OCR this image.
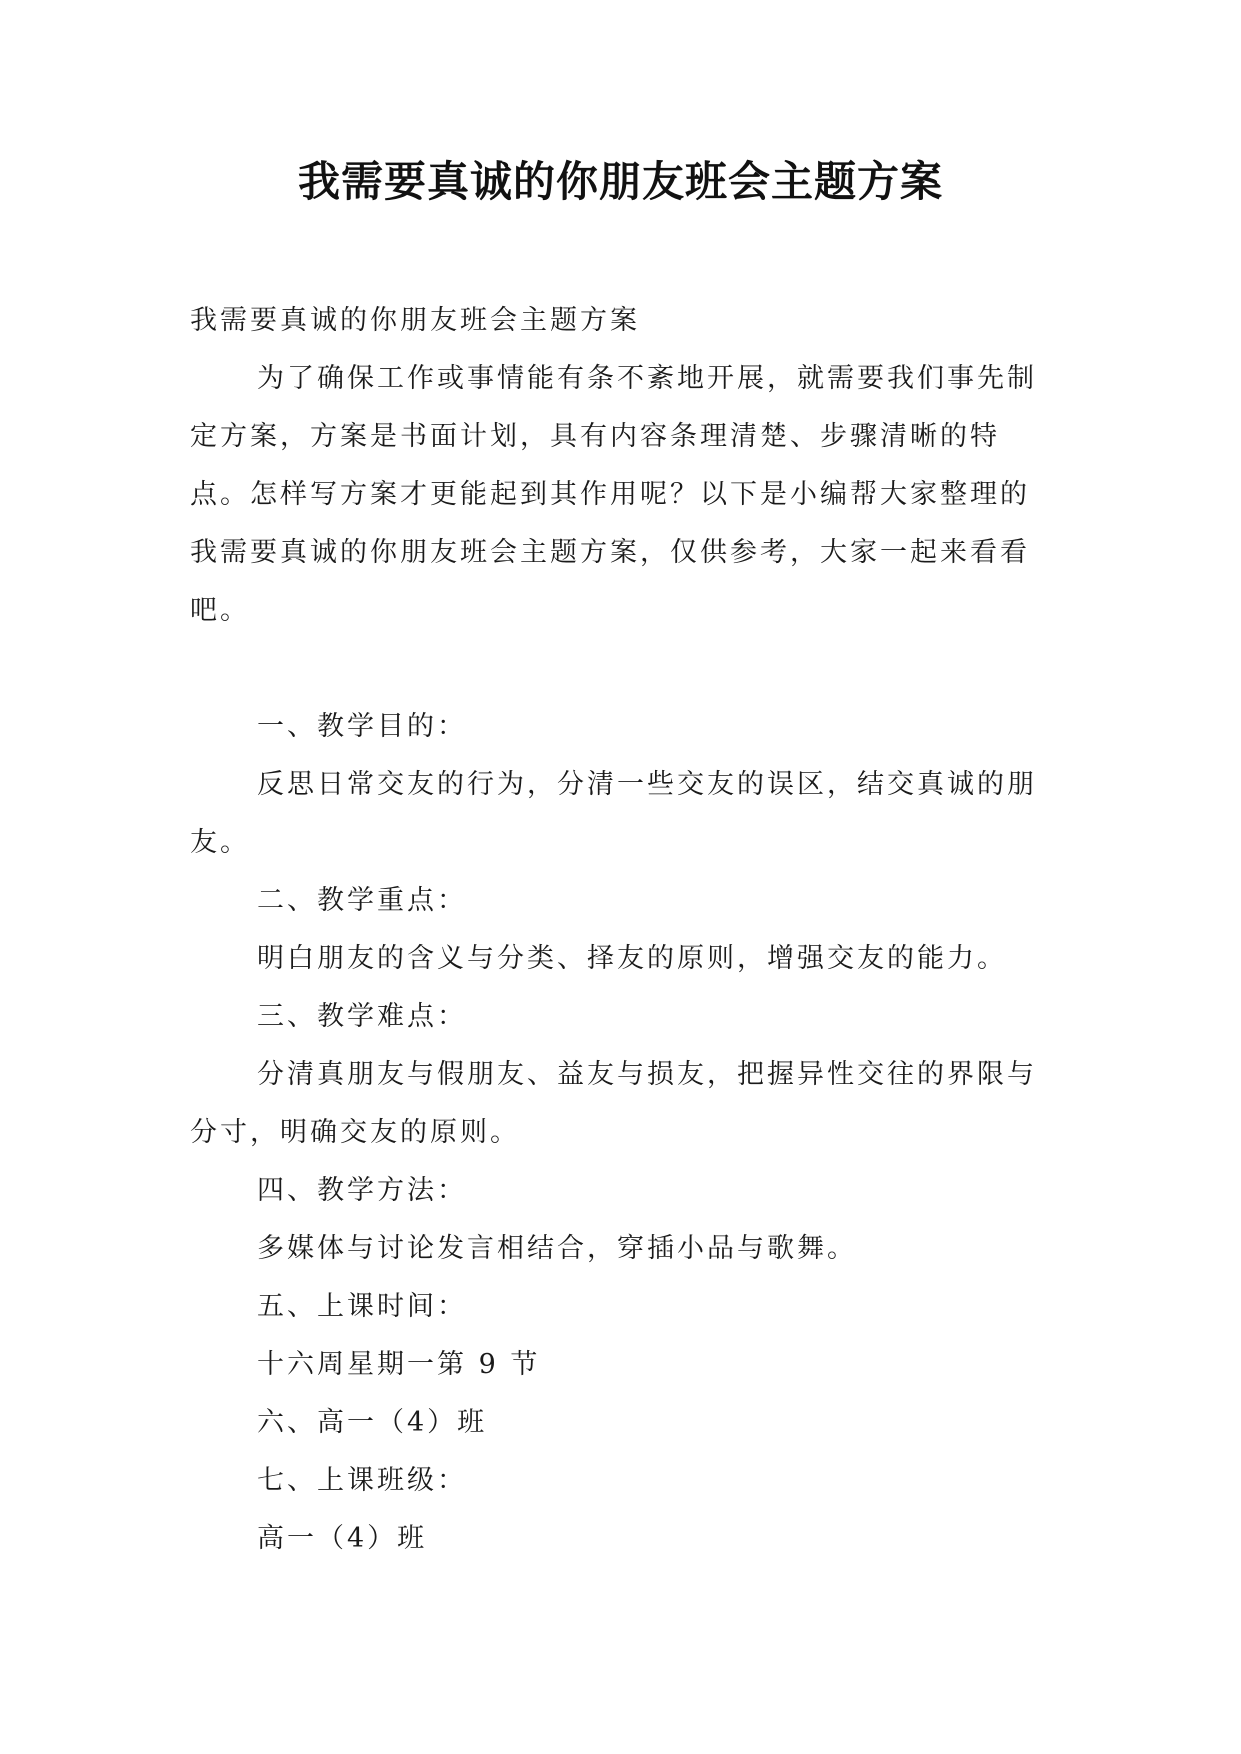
我需要真诚的你朋友班会主题方案

我需要真诚的你朋友班会主题方案

为了确保工作或事情能有条不紊地开展，就需要我们事先制定方案，方案是书面计划，具有内容条理清楚、步骤清晰的特点。怎样写方案才更能起到其作用呢？以下是小编帮大家整理的我需要真诚的你朋友班会主题方案，仅供参考，大家一起来看看吧。

一、教学目的：

反思日常交友的行为，分清一些交友的误区，结交真诚的朋友。

二、教学重点：

明白朋友的含义与分类、择友的原则，增强交友的能力。

三、教学难点：

分清真朋友与假朋友、益友与损友，把握异性交往的界限与分寸，明确交友的原则。

四、教学方法：

多媒体与讨论发言相结合，穿插小品与歌舞。

五、上课时间：

十六周星期一第 9 节

六、高一（4）班

七、上课班级：

高一（4）班
